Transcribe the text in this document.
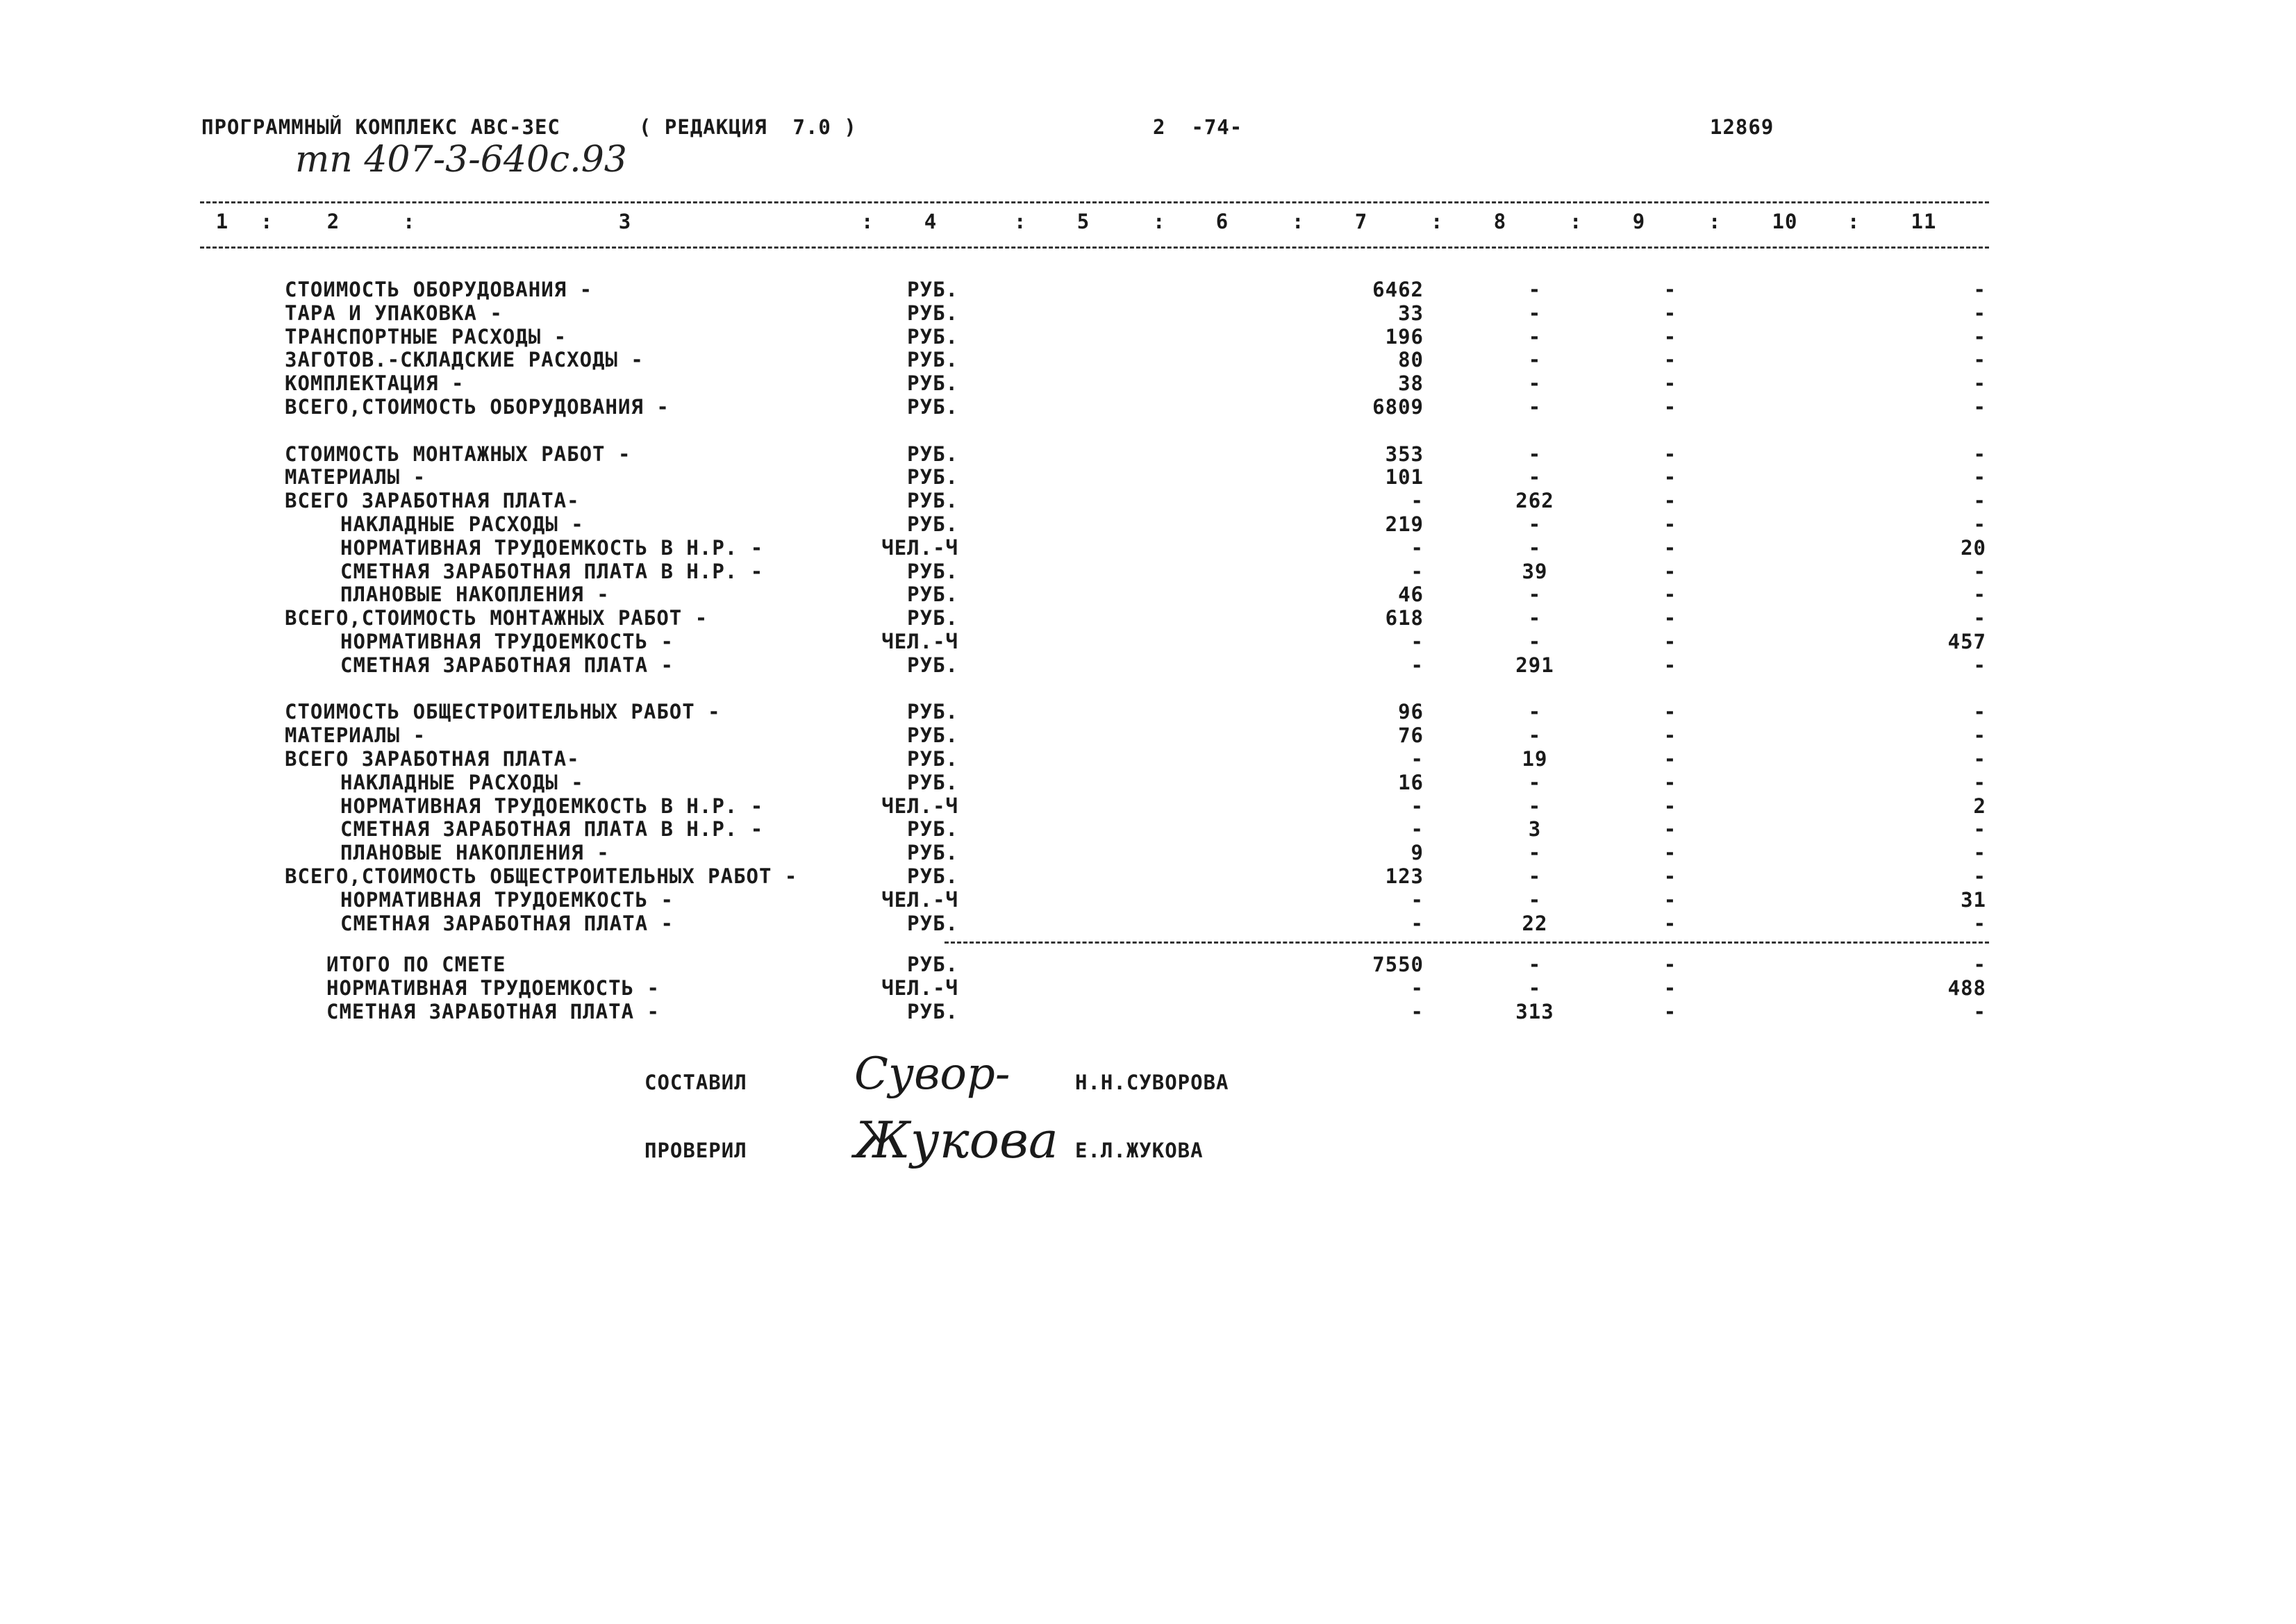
ПРОГРАММНЫЙ КОМПЛЕКС АВС-3ЕС	( РЕДАКЦИЯ  7.0 )	2  -74-	12869
тп 407-3-640с.93
1	2	3	4	5	6	7	8	9	10	11
:	:	:	:	:	:	:	:	:	:
СТОИМОСТЬ ОБОРУДОВАНИЯ -	РУБ.	6462	-	-	-
ТАРА И УПАКОВКА -	РУБ.	33	-	-	-
ТРАНСПОРТНЫЕ РАСХОДЫ -	РУБ.	196	-	-	-
ЗАГОТОВ.-СКЛАДСКИЕ РАСХОДЫ -	РУБ.	80	-	-	-
КОМПЛЕКТАЦИЯ -	РУБ.	38	-	-	-
ВСЕГО,СТОИМОСТЬ ОБОРУДОВАНИЯ -	РУБ.	6809	-	-	-
СТОИМОСТЬ МОНТАЖНЫХ РАБОТ -	РУБ.	353	-	-	-
МАТЕРИАЛЫ -	РУБ.	101	-	-	-
ВСЕГО ЗАРАБОТНАЯ ПЛАТА-	РУБ.	-	262	-	-
НАКЛАДНЫЕ РАСХОДЫ -	РУБ.	219	-	-	-
НОРМАТИВНАЯ ТРУДОЕМКОСТЬ В Н.Р. -	ЧЕЛ.-Ч	-	-	-	20
СМЕТНАЯ ЗАРАБОТНАЯ ПЛАТА В Н.Р. -	РУБ.	-	39	-	-
ПЛАНОВЫЕ НАКОПЛЕНИЯ -	РУБ.	46	-	-	-
ВСЕГО,СТОИМОСТЬ МОНТАЖНЫХ РАБОТ -	РУБ.	618	-	-	-
НОРМАТИВНАЯ ТРУДОЕМКОСТЬ -	ЧЕЛ.-Ч	-	-	-	457
СМЕТНАЯ ЗАРАБОТНАЯ ПЛАТА -	РУБ.	-	291	-	-
СТОИМОСТЬ ОБЩЕСТРОИТЕЛЬНЫХ РАБОТ -	РУБ.	96	-	-	-
МАТЕРИАЛЫ -	РУБ.	76	-	-	-
ВСЕГО ЗАРАБОТНАЯ ПЛАТА-	РУБ.	-	19	-	-
НАКЛАДНЫЕ РАСХОДЫ -	РУБ.	16	-	-	-
НОРМАТИВНАЯ ТРУДОЕМКОСТЬ В Н.Р. -	ЧЕЛ.-Ч	-	-	-	2
СМЕТНАЯ ЗАРАБОТНАЯ ПЛАТА В Н.Р. -	РУБ.	-	3	-	-
ПЛАНОВЫЕ НАКОПЛЕНИЯ -	РУБ.	9	-	-	-
ВСЕГО,СТОИМОСТЬ ОБЩЕСТРОИТЕЛЬНЫХ РАБОТ -	РУБ.	123	-	-	-
НОРМАТИВНАЯ ТРУДОЕМКОСТЬ -	ЧЕЛ.-Ч	-	-	-	31
СМЕТНАЯ ЗАРАБОТНАЯ ПЛАТА -	РУБ.	-	22	-	-
ИТОГО ПО СМЕТЕ	РУБ.	7550	-	-	-
НОРМАТИВНАЯ ТРУДОЕМКОСТЬ -	ЧЕЛ.-Ч	-	-	-	488
СМЕТНАЯ ЗАРАБОТНАЯ ПЛАТА -	РУБ.	-	313	-	-
СОСТАВИЛ Сувор-	Н.Н.СУВОРОВА
ПРОВЕРИЛ Жукова Е.Л.ЖУКОВА
